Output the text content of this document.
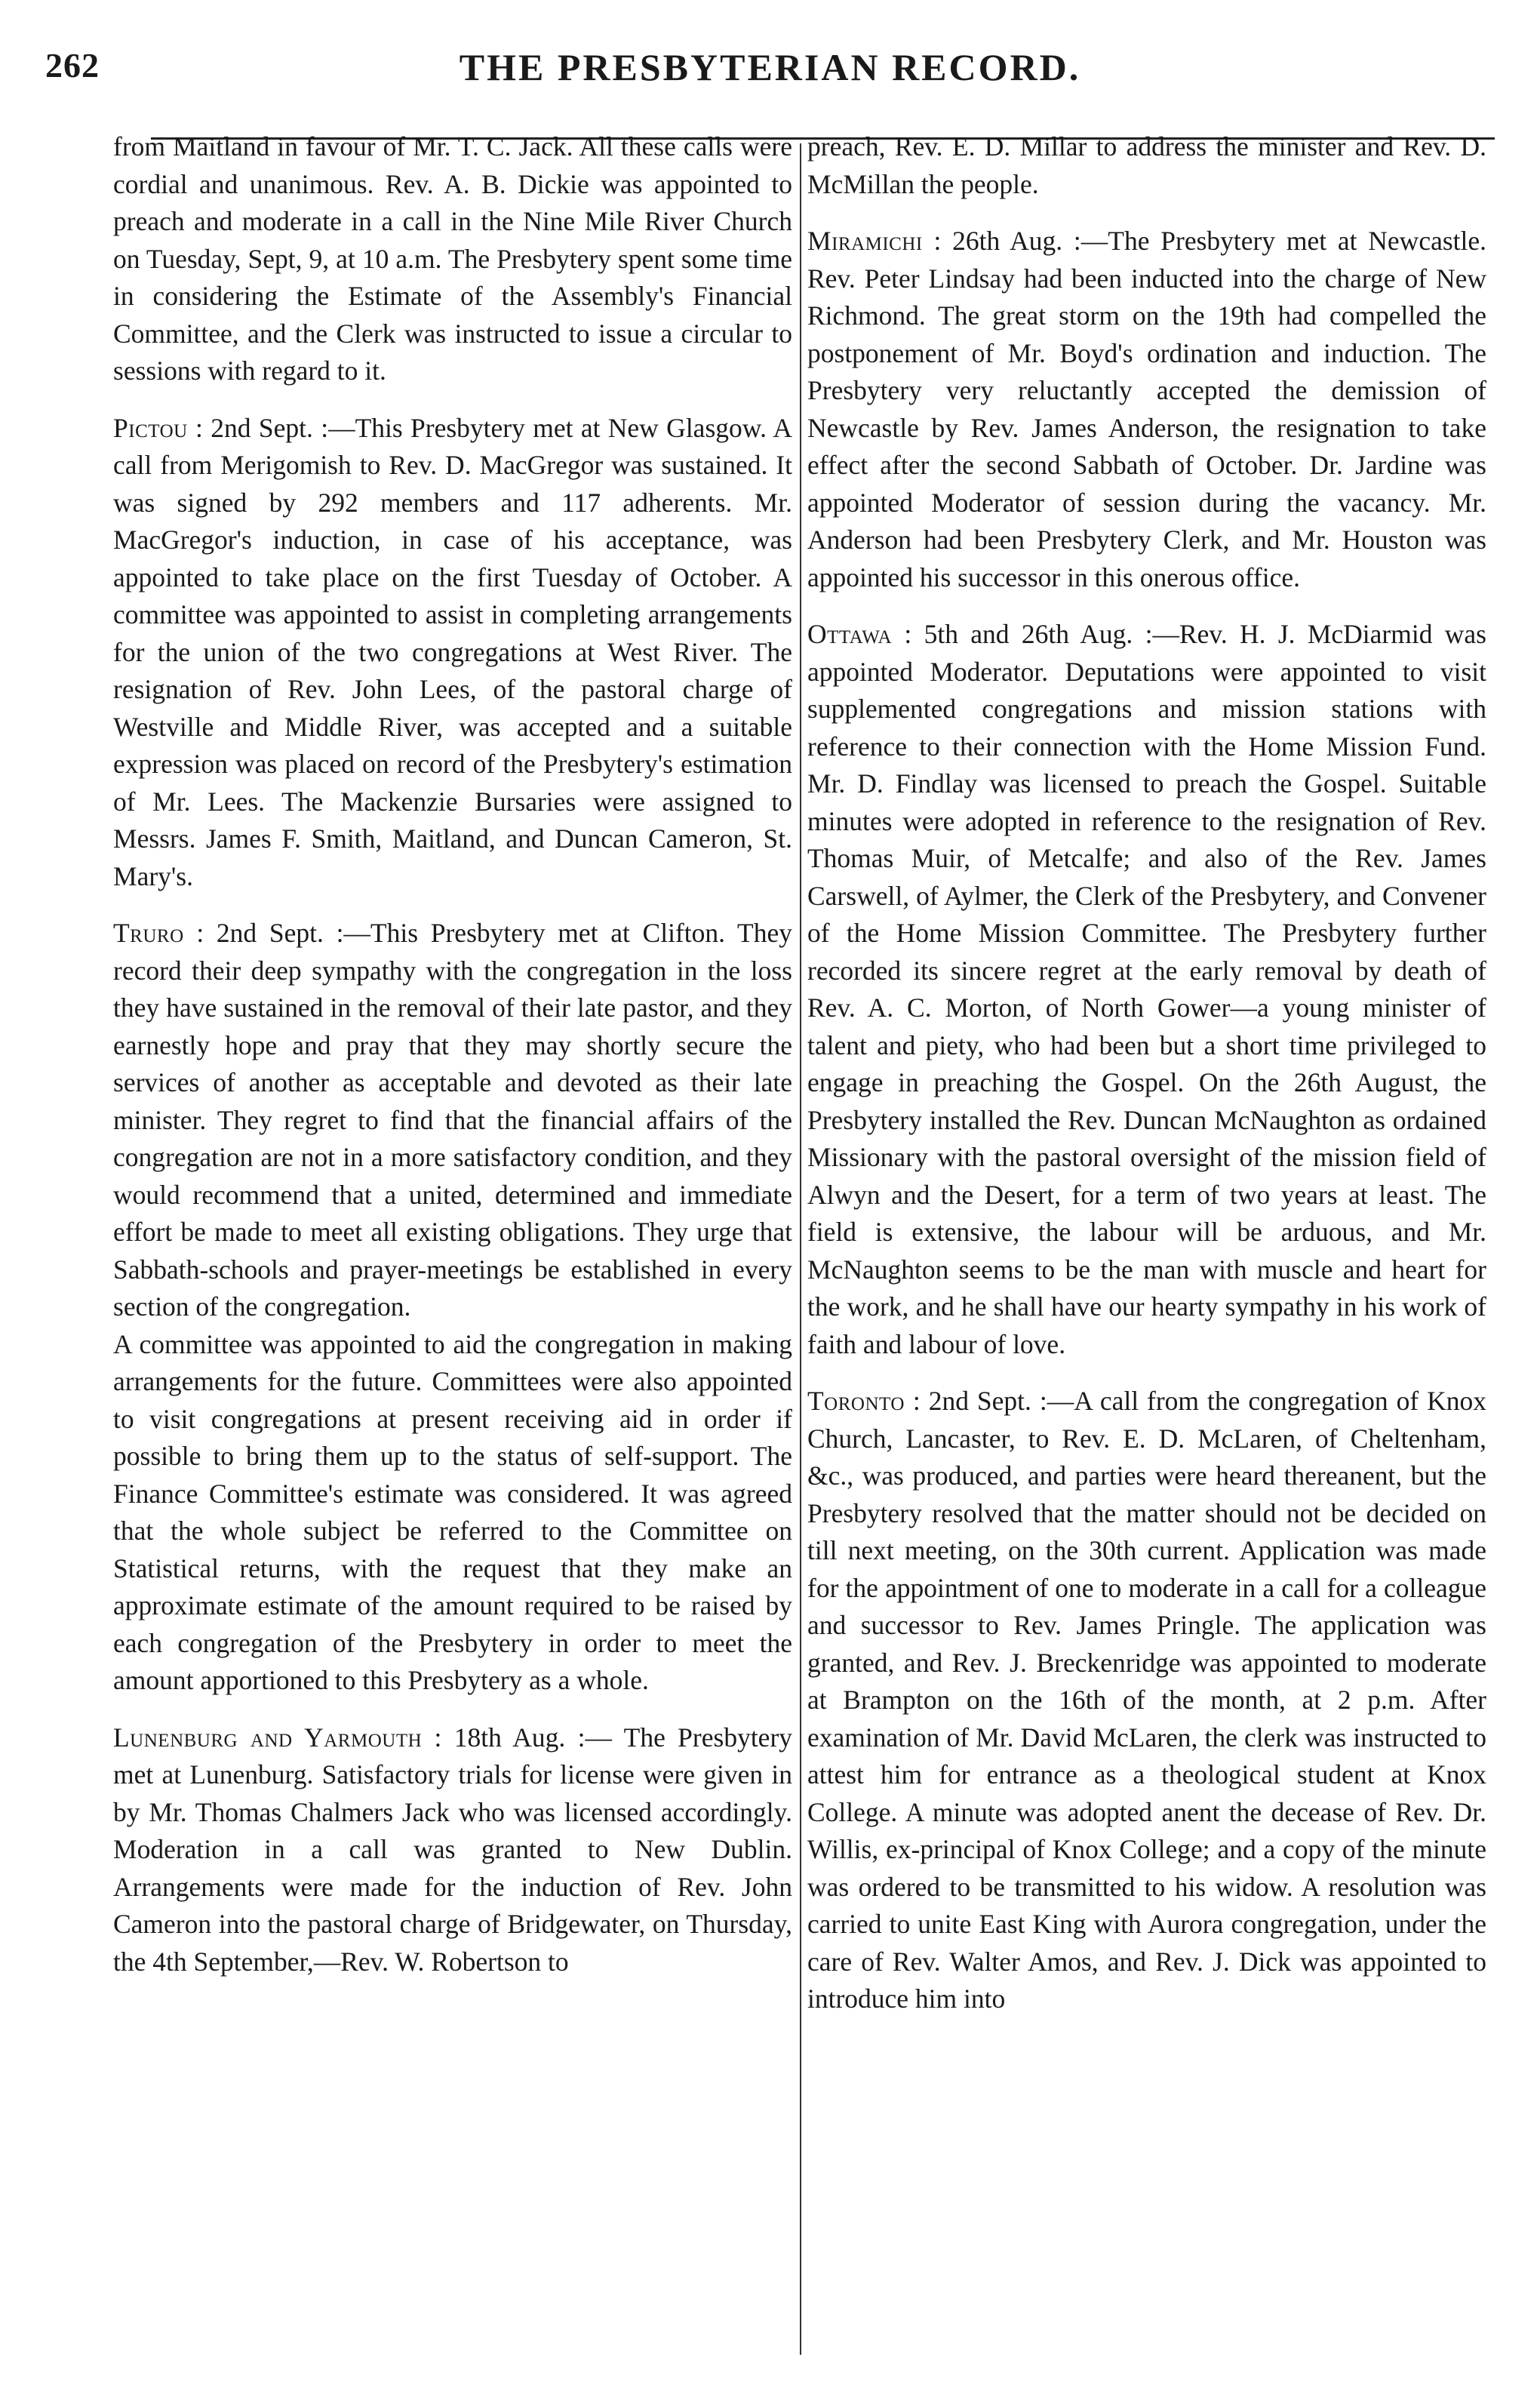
262	THE PRESBYTERIAN RECORD.

from Maitland in favour of Mr. T. C. Jack. All these calls were cordial and unanimous. Rev. A. B. Dickie was appointed to preach and moderate in a call in the Nine Mile River Church on Tuesday, Sept, 9, at 10 a.m. The Presbytery spent some time in considering the Estimate of the Assembly's Financial Committee, and the Clerk was instructed to issue a circular to sessions with regard to it.

Pictou : 2nd Sept. :—This Presbytery met at New Glasgow. A call from Merigomish to Rev. D. MacGregor was sustained. It was signed by 292 members and 117 adherents. Mr. MacGregor's induction, in case of his acceptance, was appointed to take place on the first Tuesday of October. A committee was appointed to assist in completing arrangements for the union of the two congregations at West River. The resignation of Rev. John Lees, of the pastoral charge of Westville and Middle River, was accepted and a suitable expression was placed on record of the Presbytery's estimation of Mr. Lees. The Mackenzie Bursaries were assigned to Messrs. James F. Smith, Maitland, and Duncan Cameron, St. Mary's.

Truro : 2nd Sept. :—This Presbytery met at Clifton. They record their deep sympathy with the congregation in the loss they have sustained in the removal of their late pastor, and they earnestly hope and pray that they may shortly secure the services of another as acceptable and devoted as their late minister. They regret to find that the financial affairs of the congregation are not in a more satisfactory condition, and they would recommend that a united, determined and immediate effort be made to meet all existing obligations. They urge that Sabbath-schools and prayer-meetings be established in every section of the congregation.

A committee was appointed to aid the congregation in making arrangements for the future. Committees were also appointed to visit congregations at present receiving aid in order if possible to bring them up to the status of self-support. The Finance Committee's estimate was considered. It was agreed that the whole subject be referred to the Committee on Statistical returns, with the request that they make an approximate estimate of the amount required to be raised by each congregation of the Presbytery in order to meet the amount apportioned to this Presbytery as a whole.

Lunenburg and Yarmouth : 18th Aug. :— The Presbytery met at Lunenburg. Satisfactory trials for license were given in by Mr. Thomas Chalmers Jack who was licensed accordingly. Moderation in a call was granted to New Dublin. Arrangements were made for the induction of Rev. John Cameron into the pastoral charge of Bridgewater, on Thursday, the 4th September,—Rev. W. Robertson to

preach, Rev. E. D. Millar to address the minister and Rev. D. McMillan the people.

Miramichi : 26th Aug. :—The Presbytery met at Newcastle. Rev. Peter Lindsay had been inducted into the charge of New Richmond. The great storm on the 19th had compelled the postponement of Mr. Boyd's ordination and induction. The Presbytery very reluctantly accepted the demission of Newcastle by Rev. James Anderson, the resignation to take effect after the second Sabbath of October. Dr. Jardine was appointed Moderator of session during the vacancy. Mr. Anderson had been Presbytery Clerk, and Mr. Houston was appointed his successor in this onerous office.

Ottawa : 5th and 26th Aug. :—Rev. H. J. McDiarmid was appointed Moderator. Deputations were appointed to visit supplemented congregations and mission stations with reference to their connection with the Home Mission Fund. Mr. D. Findlay was licensed to preach the Gospel. Suitable minutes were adopted in reference to the resignation of Rev. Thomas Muir, of Metcalfe; and also of the Rev. James Carswell, of Aylmer, the Clerk of the Presbytery, and Convener of the Home Mission Committee. The Presbytery further recorded its sincere regret at the early removal by death of Rev. A. C. Morton, of North Gower—a young minister of talent and piety, who had been but a short time privileged to engage in preaching the Gospel. On the 26th August, the Presbytery installed the Rev. Duncan McNaughton as ordained Missionary with the pastoral oversight of the mission field of Alwyn and the Desert, for a term of two years at least. The field is extensive, the labour will be arduous, and Mr. McNaughton seems to be the man with muscle and heart for the work, and he shall have our hearty sympathy in his work of faith and labour of love.

Toronto : 2nd Sept. :—A call from the congregation of Knox Church, Lancaster, to Rev. E. D. McLaren, of Cheltenham, &c., was produced, and parties were heard thereanent, but the Presbytery resolved that the matter should not be decided on till next meeting, on the 30th current. Application was made for the appointment of one to moderate in a call for a colleague and successor to Rev. James Pringle. The application was granted, and Rev. J. Breckenridge was appointed to moderate at Brampton on the 16th of the month, at 2 p.m. After examination of Mr. David McLaren, the clerk was instructed to attest him for entrance as a theological student at Knox College. A minute was adopted anent the decease of Rev. Dr. Willis, ex-principal of Knox College; and a copy of the minute was ordered to be transmitted to his widow. A resolution was carried to unite East King with Aurora congregation, under the care of Rev. Walter Amos, and Rev. J. Dick was appointed to introduce him into
